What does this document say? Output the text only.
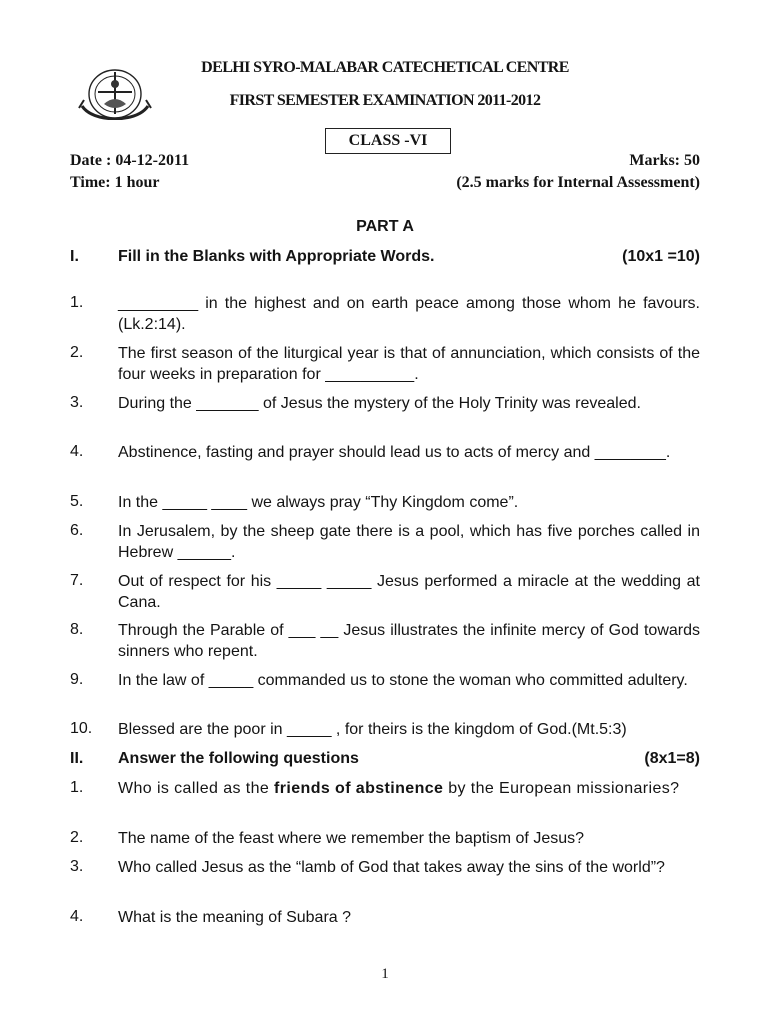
DELHI SYRO-MALABAR CATECHETICAL CENTRE
FIRST SEMESTER EXAMINATION 2011-2012
CLASS -VI
Date : 04-12-2011
Time: 1 hour
Marks: 50
(2.5 marks for Internal Assessment)
PART A
I. Fill in the Blanks with Appropriate Words.	(10x1 =10)
1. _________ in the highest and on earth peace among those whom he favours. (Lk.2:14).
2. The first season of the liturgical year is that of annunciation, which consists of the four weeks in preparation for __________.
3. During the _______ of Jesus the mystery of the Holy Trinity was revealed.
4. Abstinence, fasting and prayer should lead us to acts of mercy and ________.
5. In the _____ ____ we always pray “Thy Kingdom come”.
6. In Jerusalem, by the sheep gate there is a pool, which has five porches called in Hebrew ______.
7. Out of respect for his _____ _____ Jesus performed a miracle at the wedding at Cana.
8. Through the Parable of ___ __ Jesus illustrates the infinite mercy of God towards sinners who repent.
9. In the law of _____ commanded us to stone the woman who committed adultery.
10. Blessed are the poor in _____ , for theirs is the kingdom of God.(Mt.5:3)
II. Answer the following questions	(8x1=8)
1. Who is called as the friends of abstinence by the European missionaries?
2. The name of the feast where we remember the baptism of Jesus?
3. Who called Jesus as the “lamb of God that takes away the sins of the world”?
4. What is the meaning of Subara ?
1
